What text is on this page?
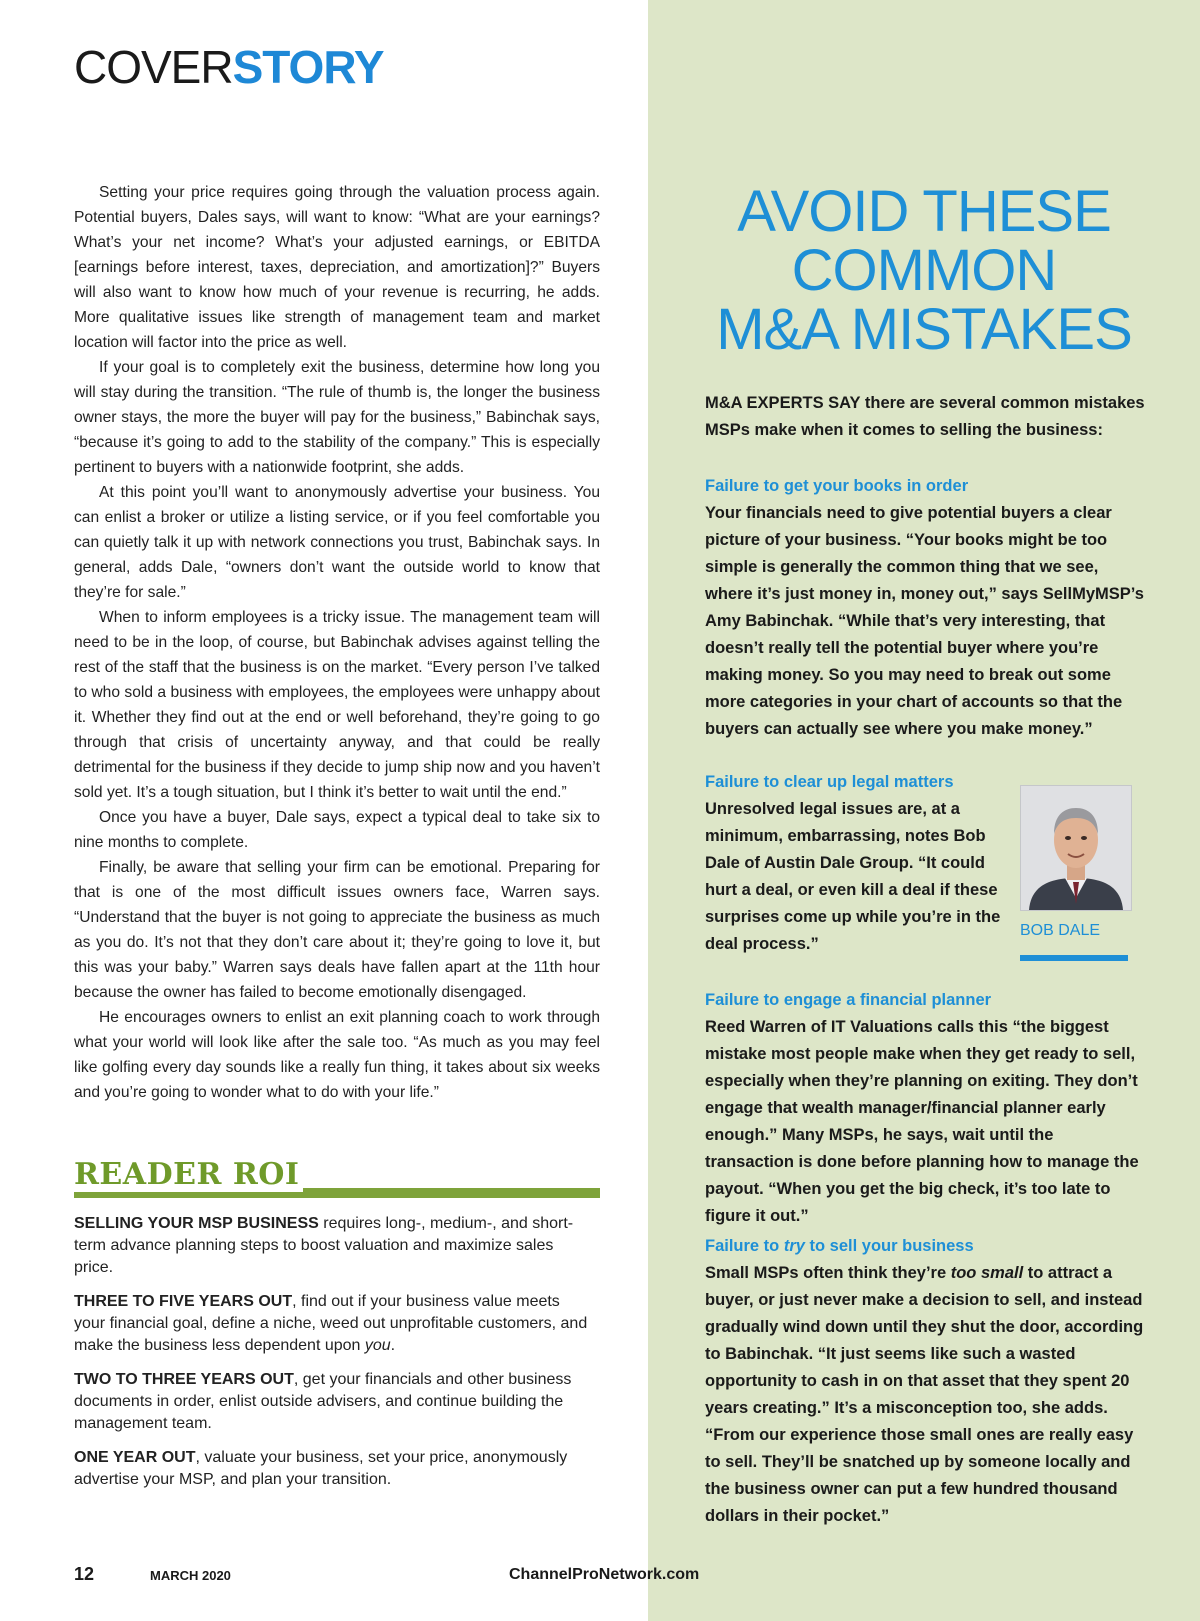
COVERSTORY

Setting your price requires going through the valuation process again. Potential buyers, Dales says, will want to know: “What are your earnings? What’s your net income? What’s your adjusted earnings, or EBITDA [earnings before interest, taxes, depreciation, and amortization]?” Buyers will also want to know how much of your revenue is recurring, he adds. More qualitative issues like strength of management team and market location will factor into the price as well.

If your goal is to completely exit the business, determine how long you will stay during the transition. “The rule of thumb is, the longer the business owner stays, the more the buyer will pay for the business,” Babinchak says, “because it’s going to add to the stability of the company.” This is especially pertinent to buyers with a nationwide footprint, she adds.

At this point you’ll want to anonymously advertise your business. You can enlist a broker or utilize a listing service, or if you feel comfortable you can quietly talk it up with network connections you trust, Babinchak says. In general, adds Dale, “owners don’t want the outside world to know that they’re for sale.”

When to inform employees is a tricky issue. The management team will need to be in the loop, of course, but Babinchak advises against telling the rest of the staff that the business is on the market. “Every person I’ve talked to who sold a business with employees, the employees were unhappy about it. Whether they find out at the end or well beforehand, they’re going to go through that crisis of uncertainty anyway, and that could be really detrimental for the business if they decide to jump ship now and you haven’t sold yet. It’s a tough situation, but I think it’s better to wait until the end.”

Once you have a buyer, Dale says, expect a typical deal to take six to nine months to complete.

Finally, be aware that selling your firm can be emotional. Preparing for that is one of the most difficult issues owners face, Warren says. “Understand that the buyer is not going to appreciate the business as much as you do. It’s not that they don’t care about it; they’re going to love it, but this was your baby.” Warren says deals have fallen apart at the 11th hour because the owner has failed to become emotionally disengaged.

He encourages owners to enlist an exit planning coach to work through what your world will look like after the sale too. “As much as you may feel like golfing every day sounds like a really fun thing, it takes about six weeks and you’re going to wonder what to do with your life.”

READER ROI

SELLING YOUR MSP BUSINESS requires long-, medium-, and short-term advance planning steps to boost valuation and maximize sales price.

THREE TO FIVE YEARS OUT, find out if your business value meets your financial goal, define a niche, weed out unprofitable customers, and make the business less dependent upon you.

TWO TO THREE YEARS OUT, get your financials and other business documents in order, enlist outside advisers, and continue building the management team.

ONE YEAR OUT, valuate your business, set your price, anonymously advertise your MSP, and plan your transition.

AVOID THESE
COMMON
M&A MISTAKES
M&A EXPERTS SAY there are several common mistakes MSPs make when it comes to selling the business:
Failure to get your books in order
Your financials need to give potential buyers a clear picture of your business. “Your books might be too simple is generally the common thing that we see, where it’s just money in, money out,” says SellMyMSP’s Amy Babinchak. “While that’s very interesting, that doesn’t really tell the potential buyer where you’re making money. So you may need to break out some more categories in your chart of accounts so that the buyers can actually see where you make money.”
Failure to clear up legal matters
Unresolved legal issues are, at a minimum, embarrassing, notes Bob Dale of Austin Dale Group. “It could hurt a deal, or even kill a deal if these surprises come up while you’re in the deal process.”
BOB DALE
Failure to engage a financial planner
Reed Warren of IT Valuations calls this “the biggest mistake most people make when they get ready to sell, especially when they’re planning on exiting. They don’t engage that wealth manager/financial planner early enough.” Many MSPs, he says, wait until the transaction is done before planning how to manage the payout. “When you get the big check, it’s too late to figure it out.”
Failure to try to sell your business
Small MSPs often think they’re too small to attract a buyer, or just never make a decision to sell, and instead gradually wind down until they shut the door, according to Babinchak. “It just seems like such a wasted opportunity to cash in on that asset that they spent 20 years creating.” It’s a misconception too, she adds. “From our experience those small ones are really easy to sell. They’ll be snatched up by someone locally and the business owner can put a few hundred thousand dollars in their pocket.”
12	MARCH 2020	ChannelProNetwork.com
